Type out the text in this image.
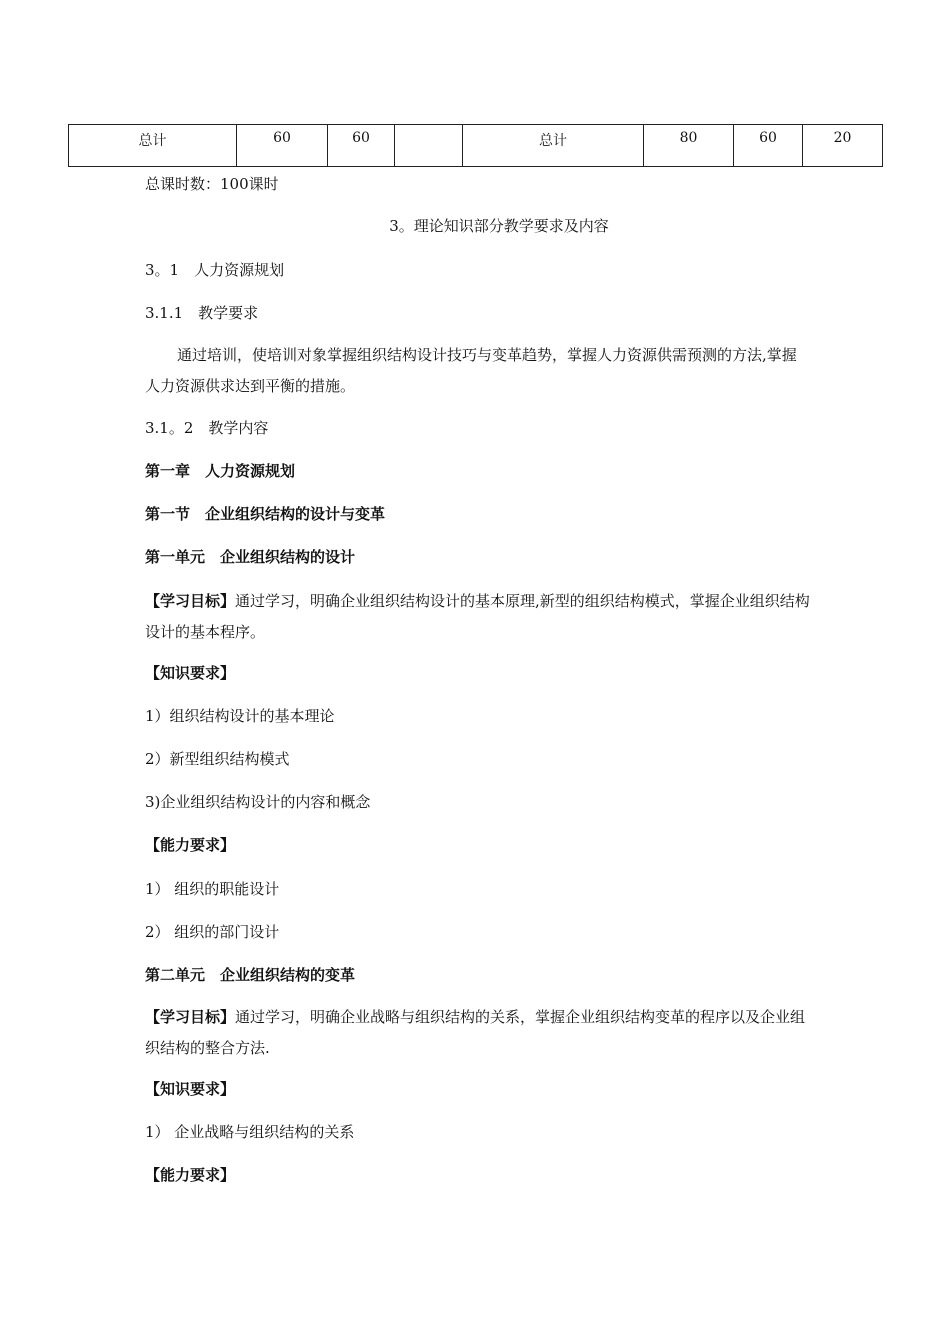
总计	60	60		总计	80	60	20
总课时数：100课时
3。理论知识部分教学要求及内容
3。1　人力资源规划
3.1.1　教学要求
通过培训，使培训对象掌握组织结构设计技巧与变革趋势，掌握人力资源供需预测的方法,掌握人力资源供求达到平衡的措施。
3.1。2　教学内容
第一章　人力资源规划
第一节　企业组织结构的设计与变革
第一单元　企业组织结构的设计
【学习目标】通过学习，明确企业组织结构设计的基本原理,新型的组织结构模式，掌握企业组织结构设计的基本程序。
【知识要求】
1）组织结构设计的基本理论
2）新型组织结构模式
3)企业组织结构设计的内容和概念
【能力要求】
1） 组织的职能设计
2） 组织的部门设计
第二单元　企业组织结构的变革
【学习目标】通过学习，明确企业战略与组织结构的关系，掌握企业组织结构变革的程序以及企业组织结构的整合方法.
【知识要求】
1） 企业战略与组织结构的关系
【能力要求】
